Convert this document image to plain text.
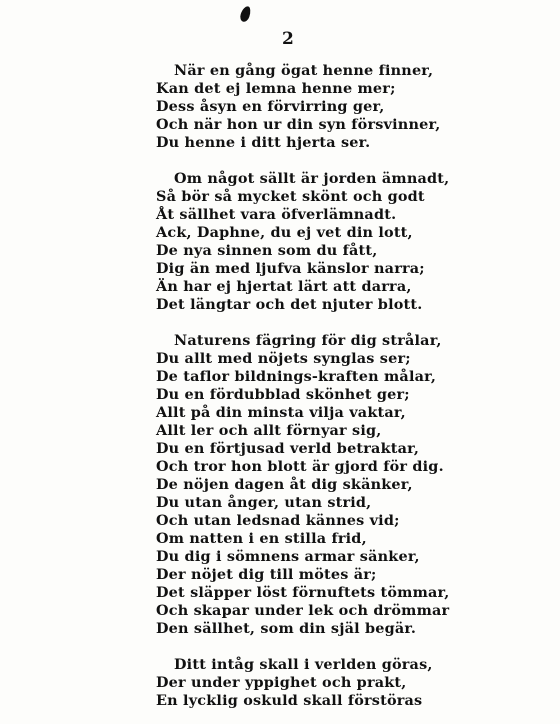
2
När en gång ögat henne finner,
Kan det ej lemna henne mer;
Dess åsyn en förvirring ger,
Och när hon ur din syn försvinner,
Du henne i ditt hjerta ser.
Om något sällt är jorden ämnadt,
Så bör så mycket skönt och godt
Åt sällhet vara öfverlämnadt.
Ack, Daphne, du ej vet din lott,
De nya sinnen som du fått,
Dig än med ljufva känslor narra;
Än har ej hjertat lärt att darra,
Det längtar och det njuter blott.
Naturens fägring för dig strålar,
Du allt med nöjets synglas ser;
De taflor bildnings-kraften målar,
Du en fördubblad skönhet ger;
Allt på din minsta vilja vaktar,
Allt ler och allt förnyar sig,
Du en förtjusad verld betraktar,
Och tror hon blott är gjord för dig.
De nöjen dagen åt dig skänker,
Du utan ånger, utan strid,
Och utan ledsnad kännes vid;
Om natten i en stilla frid,
Du dig i sömnens armar sänker,
Der nöjet dig till mötes är;
Det släpper löst förnuftets tömmar,
Och skapar under lek och drömmar
Den sällhet, som din själ begär.
Ditt intåg skall i verlden göras,
Der under yppighet och prakt,
En lycklig oskuld skall förstöras
